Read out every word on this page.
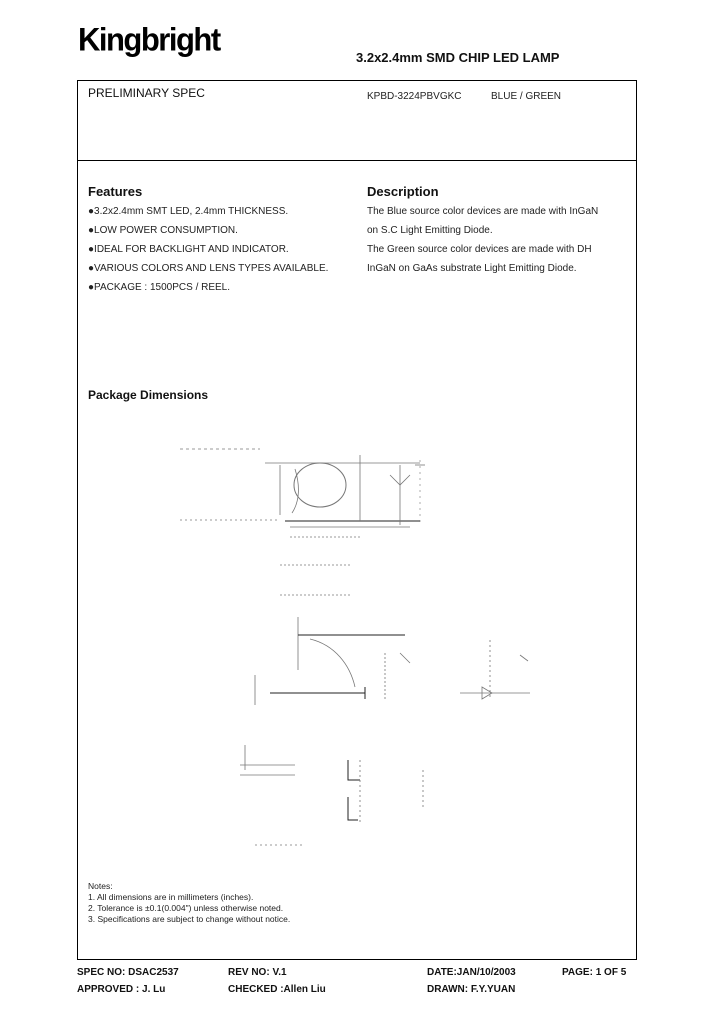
Kingbright	3.2x2.4mm SMD CHIP LED LAMP
PRELIMINARY SPEC	KPBD-3224PBVGKC	BLUE / GREEN
Features
●3.2x2.4mm SMT LED, 2.4mm THICKNESS.
●LOW POWER CONSUMPTION.
●IDEAL FOR BACKLIGHT AND INDICATOR.
●VARIOUS COLORS AND LENS TYPES AVAILABLE.
●PACKAGE : 1500PCS / REEL.
Description
The Blue source color devices are made with InGaN
on S.C Light Emitting Diode.
The Green source color devices are made with DH
InGaN on GaAs substrate Light Emitting Diode.
Package Dimensions
Notes:
1. All dimensions are in millimeters (inches).
2. Tolerance is ±0.1(0.004") unless otherwise noted.
3. Specifications are subject to change without notice.
SPEC NO: DSAC2537	REV NO: V.1	DATE:JAN/10/2003	PAGE: 1 OF 5
APPROVED : J. Lu	CHECKED :Allen Liu	DRAWN: F.Y.YUAN
